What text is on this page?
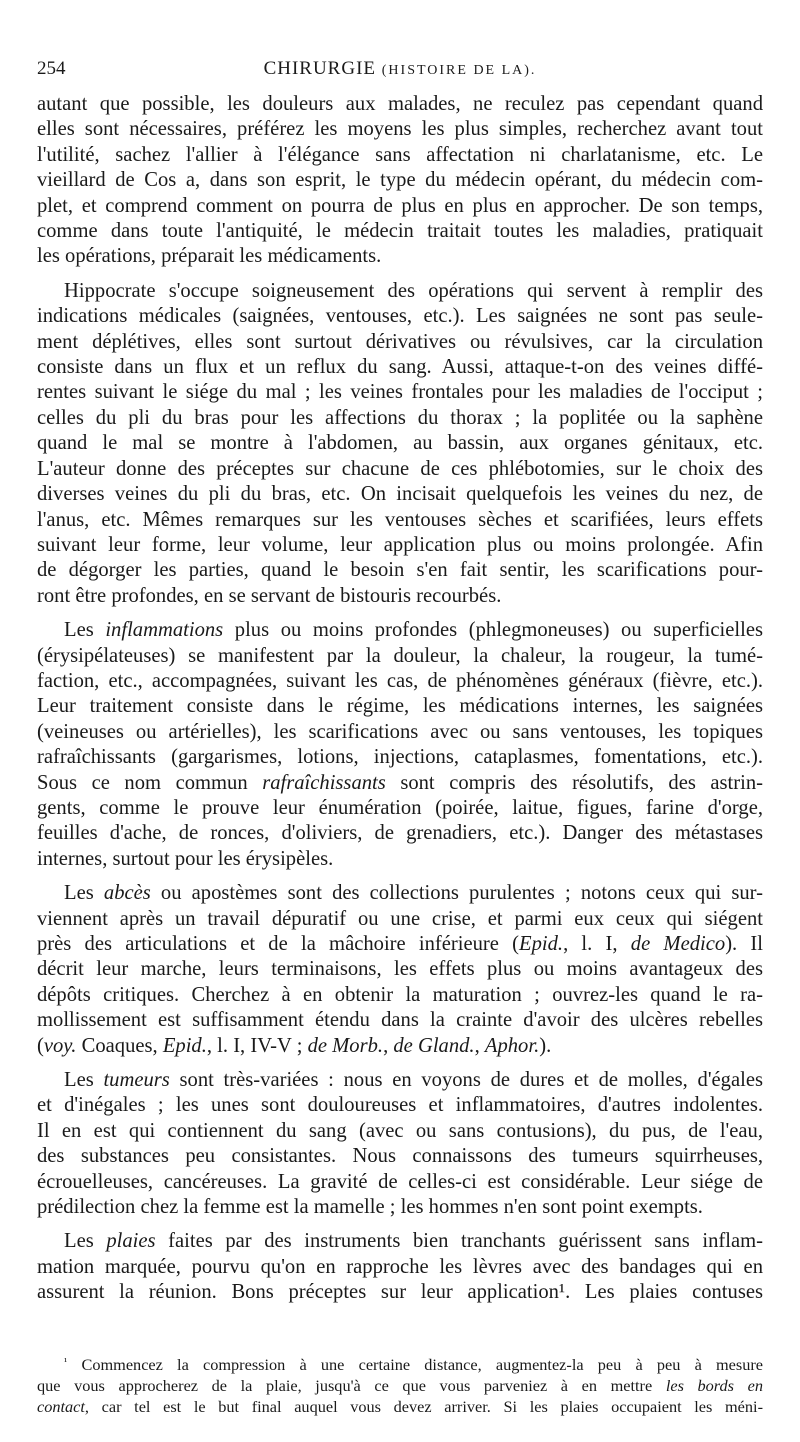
254	CHIRURGIE (HISTOIRE DE LA).
autant que possible, les douleurs aux malades, ne reculez pas cependant quand
elles sont nécessaires, préférez les moyens les plus simples, recherchez avant tout
l'utilité, sachez l'allier à l'élégance sans affectation ni charlatanisme, etc. Le
vieillard de Cos a, dans son esprit, le type du médecin opérant, du médecin com-
plet, et comprend comment on pourra de plus en plus en approcher. De son temps,
comme dans toute l'antiquité, le médecin traitait toutes les maladies, pratiquait
les opérations, préparait les médicaments.
Hippocrate s'occupe soigneusement des opérations qui servent à remplir des
indications médicales (saignées, ventouses, etc.). Les saignées ne sont pas seule-
ment déplétives, elles sont surtout dérivatives ou révulsives, car la circulation
consiste dans un flux et un reflux du sang. Aussi, attaque-t-on des veines diffé-
rentes suivant le siége du mal ; les veines frontales pour les maladies de l'occiput ;
celles du pli du bras pour les affections du thorax ; la poplitée ou la saphène
quand le mal se montre à l'abdomen, au bassin, aux organes génitaux, etc.
L'auteur donne des préceptes sur chacune de ces phlébotomies, sur le choix des
diverses veines du pli du bras, etc. On incisait quelquefois les veines du nez, de
l'anus, etc. Mêmes remarques sur les ventouses sèches et scarifiées, leurs effets
suivant leur forme, leur volume, leur application plus ou moins prolongée. Afin
de dégorger les parties, quand le besoin s'en fait sentir, les scarifications pour-
ront être profondes, en se servant de bistouris recourbés.
Les inflammations plus ou moins profondes (phlegmoneuses) ou superficielles
(érysipélateuses) se manifestent par la douleur, la chaleur, la rougeur, la tumé-
faction, etc., accompagnées, suivant les cas, de phénomènes généraux (fièvre, etc.).
Leur traitement consiste dans le régime, les médications internes, les saignées
(veineuses ou artérielles), les scarifications avec ou sans ventouses, les topiques
rafraîchissants (gargarismes, lotions, injections, cataplasmes, fomentations, etc.).
Sous ce nom commun rafraîchissants sont compris des résolutifs, des astrin-
gents, comme le prouve leur énumération (poirée, laitue, figues, farine d'orge,
feuilles d'ache, de ronces, d'oliviers, de grenadiers, etc.). Danger des métastases
internes, surtout pour les érysipèles.
Les abcès ou apostèmes sont des collections purulentes ; notons ceux qui sur-
viennent après un travail dépuratif ou une crise, et parmi eux ceux qui siégent
près des articulations et de la mâchoire inférieure (Epid., l. I, de Medico). Il
décrit leur marche, leurs terminaisons, les effets plus ou moins avantageux des
dépôts critiques. Cherchez à en obtenir la maturation ; ouvrez-les quand le ra-
mollissement est suffisamment étendu dans la crainte d'avoir des ulcères rebelles
(voy. Coaques, Epid., l. I, IV-V ; de Morb., de Gland., Aphor.).
Les tumeurs sont très-variées : nous en voyons de dures et de molles, d'égales
et d'inégales ; les unes sont douloureuses et inflammatoires, d'autres indolentes.
Il en est qui contiennent du sang (avec ou sans contusions), du pus, de l'eau,
des substances peu consistantes. Nous connaissons des tumeurs squirrheuses,
écrouelleuses, cancéreuses. La gravité de celles-ci est considérable. Leur siége de
prédilection chez la femme est la mamelle ; les hommes n'en sont point exempts.
Les plaies faites par des instruments bien tranchants guérissent sans inflam-
mation marquée, pourvu qu'on en rapproche les lèvres avec des bandages qui en
assurent la réunion. Bons préceptes sur leur application¹. Les plaies contuses
$^{^1}$ Commencez la compression à une certaine distance, augmentez-la peu à peu à mesure
que vous approcherez de la plaie, jusqu'à ce que vous parveniez à en mettre les bords en
contact, car tel est le but final auquel vous devez arriver. Si les plaies occupaient les méni-
